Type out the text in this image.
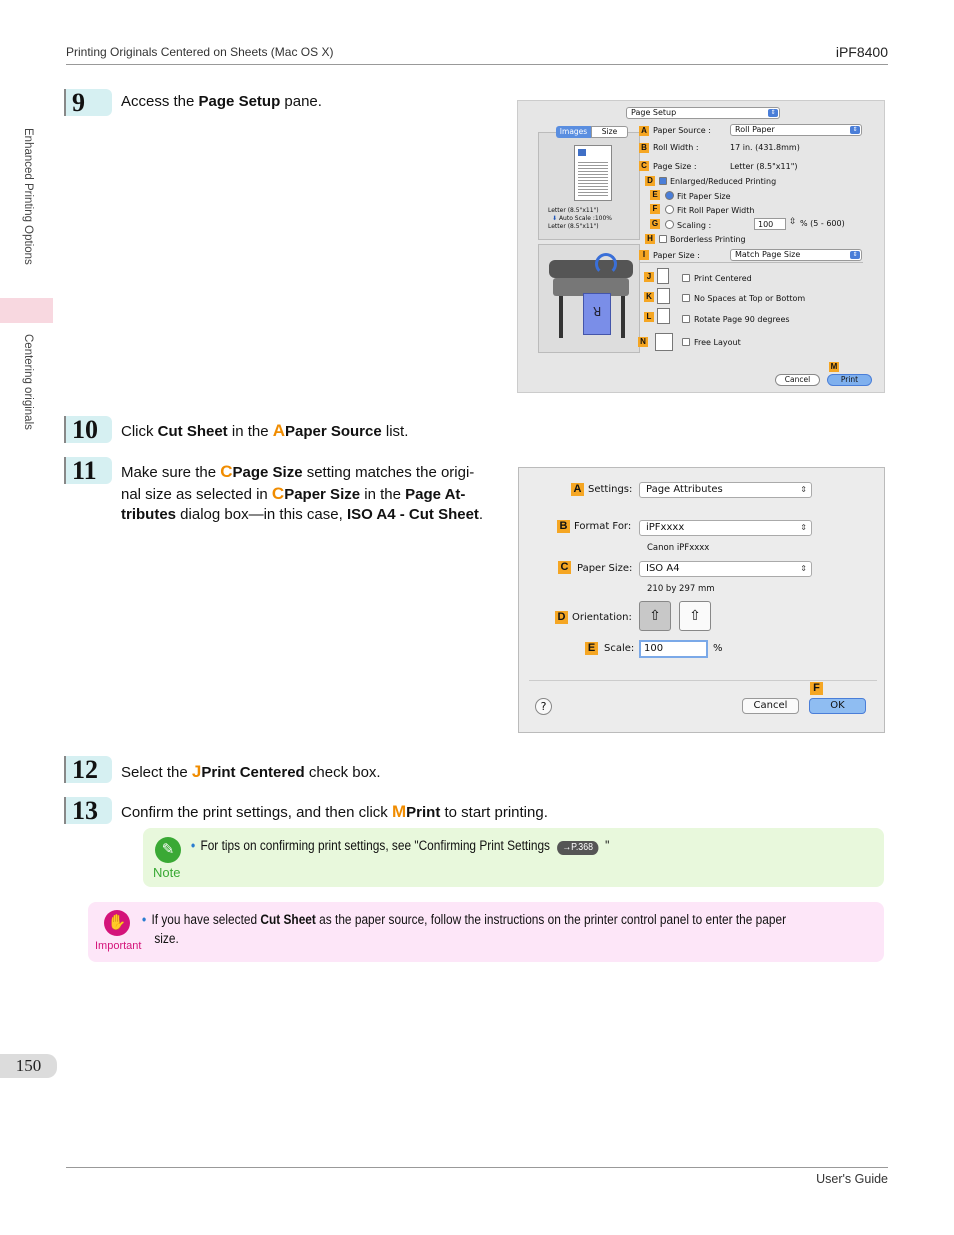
Printing Originals Centered on Sheets (Mac OS X)	iPF8400
Enhanced Printing Options
Centering originals
9	Access the Page Setup pane.
Page Setup	⇕
Images	Size
Letter (8.5"x11")
⬇ Auto Scale :100%
Letter (8.5"x11")
ꓤ
A Paper Source :	Roll Paper	⇕
B Roll Width :	17 in. (431.8mm)
C Page Size :	Letter (8.5"x11")
D Enlarged/Reduced Printing
E Fit Paper Size
F	Fit Roll Paper Width
G Scaling :	100	⇳ % (5 - 600)
H Borderless Printing
I Paper Size :	Match Page Size	⇕
J	Print Centered
K	No Spaces at Top or Bottom
L	Rotate Page 90 degrees
N	Free Layout
M
Cancel	Print
10	Click Cut Sheet in the APaper Source list.
11	Make sure the CPage Size setting matches the origi-
nal size as selected in CPaper Size in the Page At-
tributes dialog box—in this case, ISO A4 - Cut Sheet.
A Settings:	Page Attributes	⇕
B Format For:	iPFxxxx	⇕
Canon iPFxxxx
C Paper Size:	ISO A4	⇕
210 by 297 mm
D Orientation:	⇧	⇧
E Scale: 100	%
?
F
Cancel	OK
12	Select the JPrint Centered check box.
13	Confirm the print settings, and then click MPrint to start printing.
✎
Note
• For tips on confirming print settings, see "Confirming Print Settings →P.368 "
✋
Important
• If you have selected Cut Sheet as the paper source, follow the instructions on the printer control panel to enter the paper
size.
150
User's Guide
